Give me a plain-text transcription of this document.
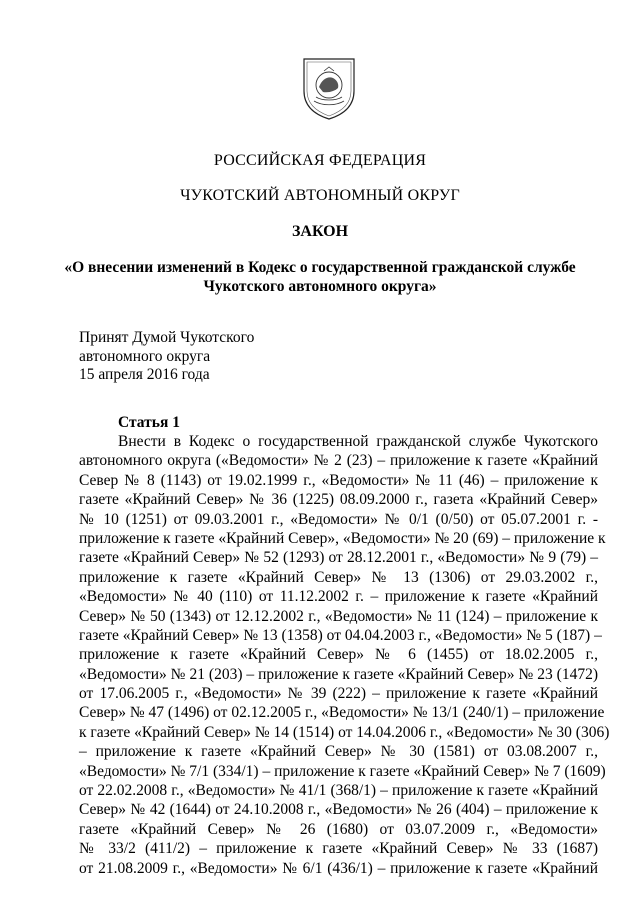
РОССИЙСКАЯ ФЕДЕРАЦИЯ
ЧУКОТСКИЙ АВТОНОМНЫЙ ОКРУГ
ЗАКОН
«О внесении изменений в Кодекс о государственной гражданской службе
Чукотского автономного округа»
Принят Думой Чукотского
автономного округа
15 апреля 2016 года
Статья 1
Внести в Кодекс о государственной гражданской службе Чукотского
автономного округа («Ведомости» № 2 (23) – приложение к газете «Крайний
Север № 8 (1143) от 19.02.1999 г., «Ведомости» № 11 (46) – приложение к
газете «Крайний Север» № 36 (1225) 08.09.2000 г., газета «Крайний Север»
№ 10 (1251) от 09.03.2001 г., «Ведомости» № 0/1 (0/50) от 05.07.2001 г. -
приложение к газете «Крайний Север», «Ведомости» № 20 (69) – приложение к
газете «Крайний Север» № 52 (1293) от 28.12.2001 г., «Ведомости» № 9 (79) –
приложение к газете «Крайний Север» № 13 (1306) от 29.03.2002 г.,
«Ведомости» № 40 (110) от 11.12.2002 г. – приложение к газете «Крайний
Север» № 50 (1343) от 12.12.2002 г., «Ведомости» № 11 (124) – приложение к
газете «Крайний Север» № 13 (1358) от 04.04.2003 г., «Ведомости» № 5 (187) –
приложение к газете «Крайний Север» № 6 (1455) от 18.02.2005 г.,
«Ведомости» № 21 (203) – приложение к газете «Крайний Север» № 23 (1472)
от 17.06.2005 г., «Ведомости» № 39 (222) – приложение к газете «Крайний
Север» № 47 (1496) от 02.12.2005 г., «Ведомости» № 13/1 (240/1) – приложение
к газете «Крайний Север» № 14 (1514) от 14.04.2006 г., «Ведомости» № 30 (306)
– приложение к газете «Крайний Север» № 30 (1581) от 03.08.2007 г.,
«Ведомости» № 7/1 (334/1) – приложение к газете «Крайний Север» № 7 (1609)
от 22.02.2008 г., «Ведомости» № 41/1 (368/1) – приложение к газете «Крайний
Север» № 42 (1644) от 24.10.2008 г., «Ведомости» № 26 (404) – приложение к
газете «Крайний Север» № 26 (1680) от 03.07.2009 г., «Ведомости»
№ 33/2 (411/2) – приложение к газете «Крайний Север» № 33 (1687)
от 21.08.2009 г., «Ведомости» № 6/1 (436/1) – приложение к газете «Крайний
